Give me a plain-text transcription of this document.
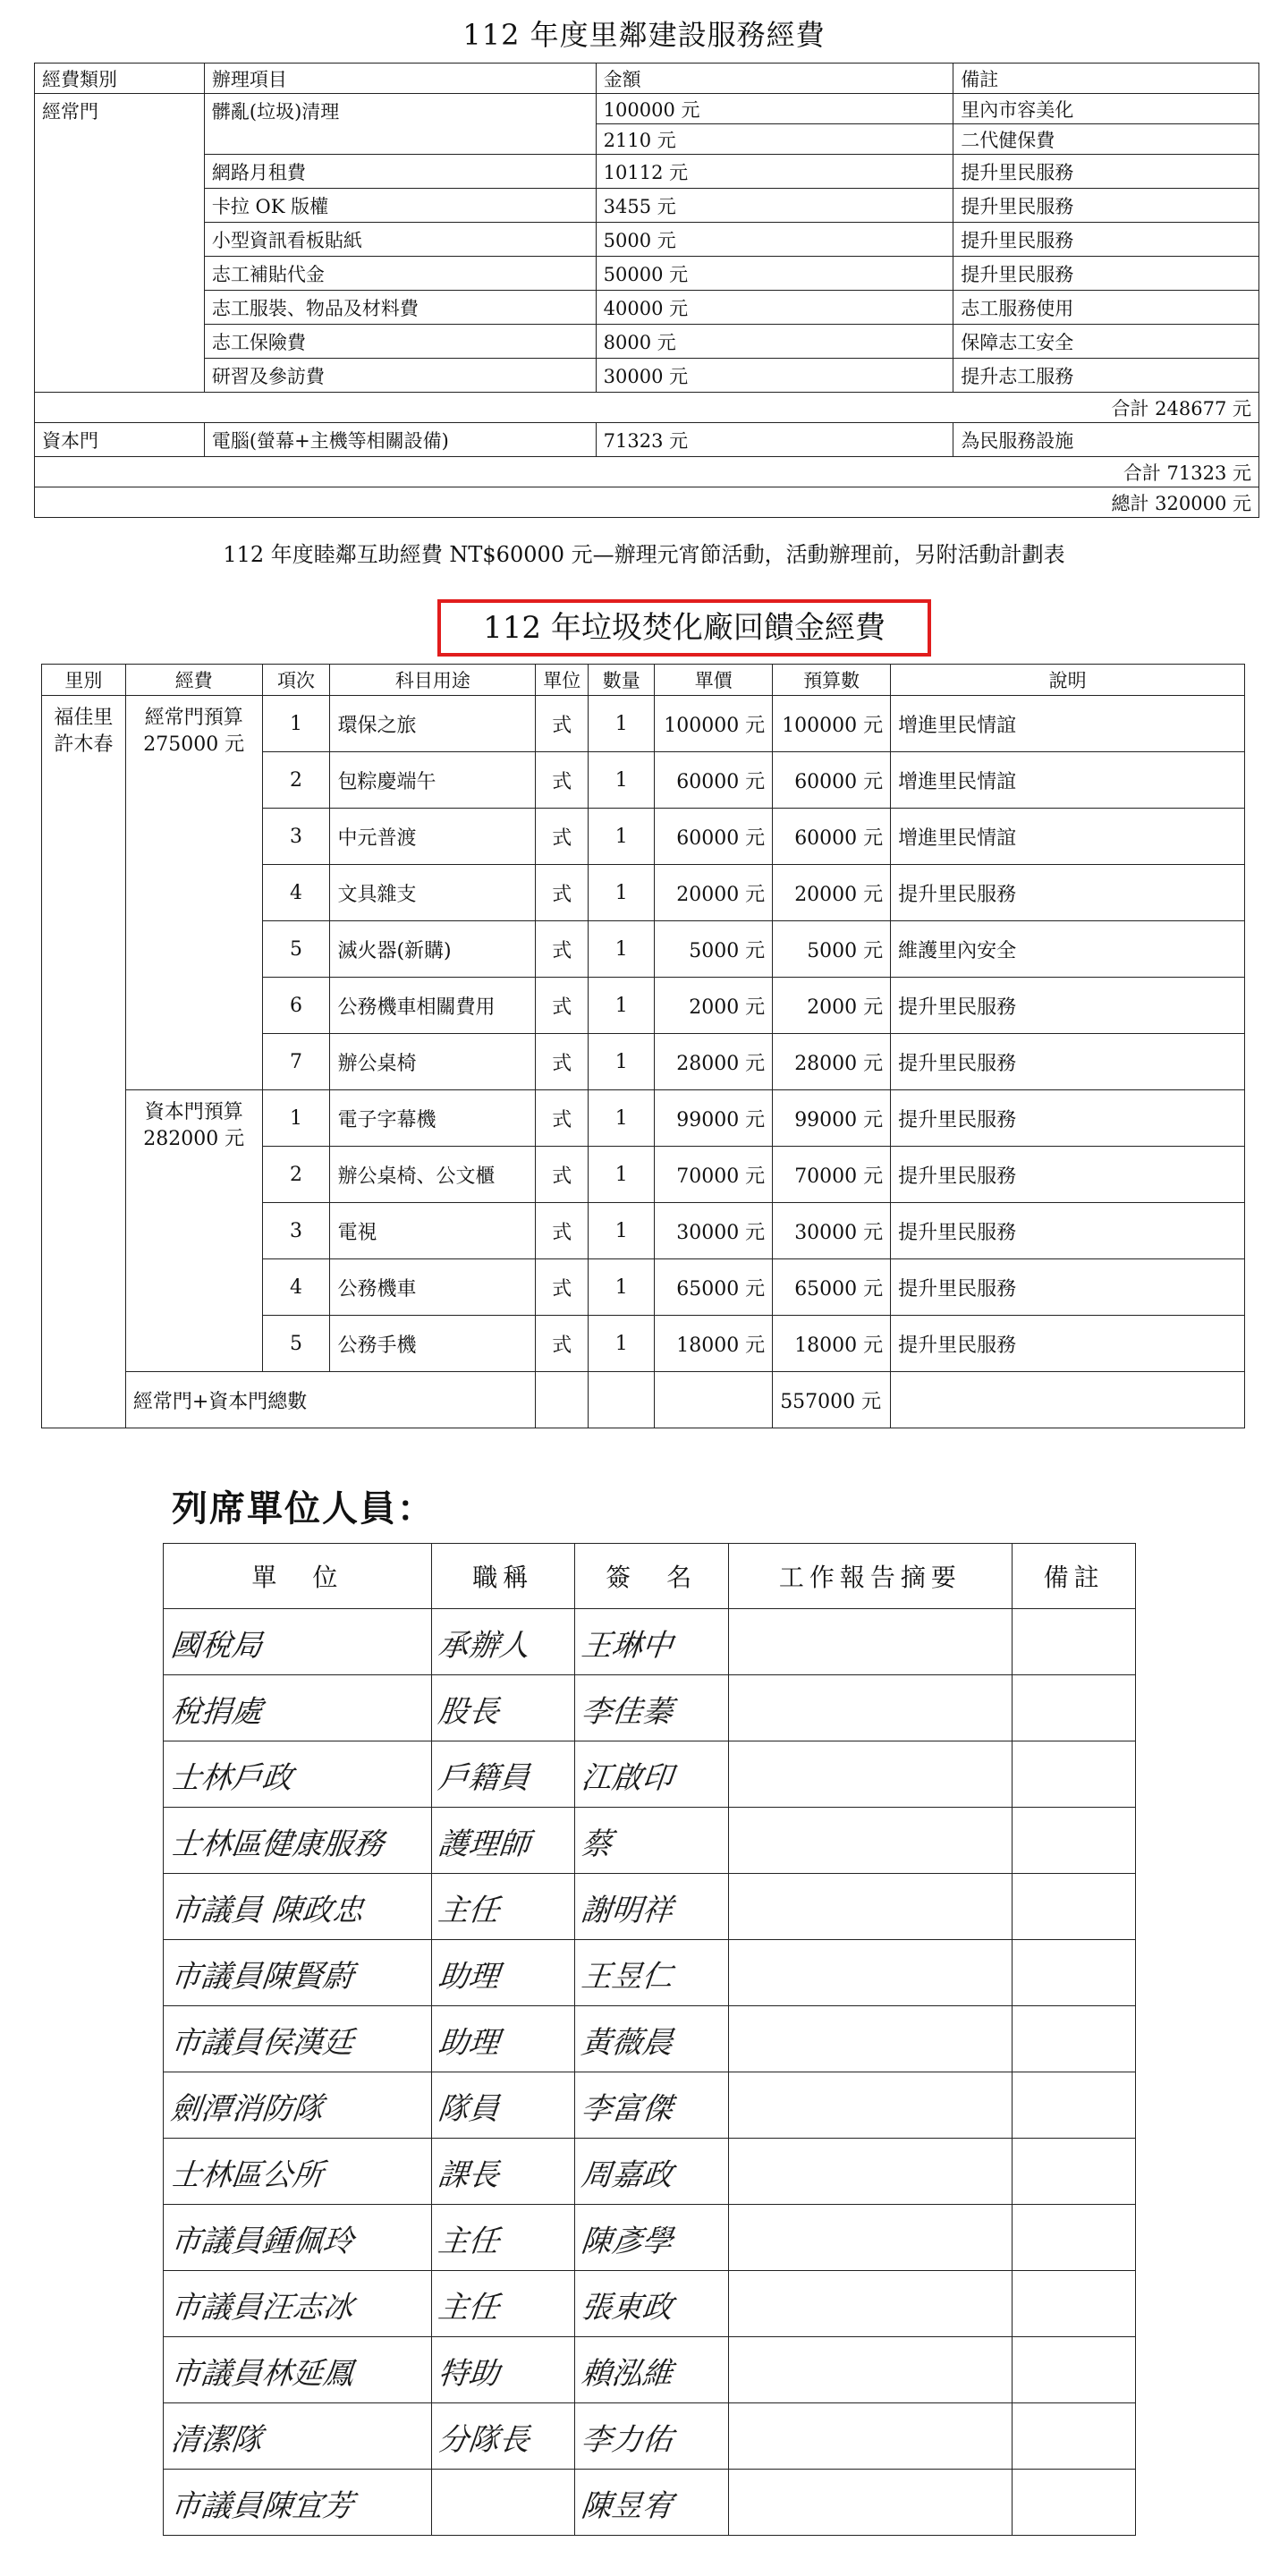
112 年度里鄰建設服務經費
經費類別	辦理項目	金額	備註
經常門	髒亂(垃圾)清理	100000 元	里內市容美化
		2110 元	二代健保費
	網路月租費	10112 元	提升里民服務
	卡拉 OK 版權	3455 元	提升里民服務
	小型資訊看板貼紙	5000 元	提升里民服務
	志工補貼代金	50000 元	提升里民服務
	志工服裝、物品及材料費	40000 元	志工服務使用
	志工保險費	8000 元	保障志工安全
	研習及參訪費	30000 元	提升志工服務
合計 248677 元			
資本門	電腦(螢幕+主機等相關設備)	71323 元	為民服務設施
合計 71323 元			
總計 320000 元			
112 年度睦鄰互助經費 NT$60000 元—辦理元宵節活動，活動辦理前，另附活動計劃表
112 年垃圾焚化廠回饋金經費
里別	經費	項次	科目用途	單位	數量	單價	預算數	說明
福佳里 許木春	經常門預算 275000 元	1	環保之旅	式	1	100000 元	100000 元	增進里民情誼
		2	包粽慶端午	式	1	60000 元	60000 元	增進里民情誼
		3	中元普渡	式	1	60000 元	60000 元	增進里民情誼
		4	文具雜支	式	1	20000 元	20000 元	提升里民服務
		5	滅火器(新購)	式	1	5000 元	5000 元	維護里內安全
		6	公務機車相關費用	式	1	2000 元	2000 元	提升里民服務
		7	辦公桌椅	式	1	28000 元	28000 元	提升里民服務
	資本門預算 282000 元	1	電子字幕機	式	1	99000 元	99000 元	提升里民服務
		2	辦公桌椅、公文櫃	式	1	70000 元	70000 元	提升里民服務
		3	電視	式	1	30000 元	30000 元	提升里民服務
		4	公務機車	式	1	65000 元	65000 元	提升里民服務
		5	公務手機	式	1	18000 元	18000 元	提升里民服務
	經常門+資本門總數						557000 元	
列席單位人員：
單　位	職稱	簽　名	工作報告摘要	備註
國稅局	承辦人	王琳中		
稅捐處	股長	李佳蓁		
士林戶政	戶籍員	江啟印		
士林區健康服務	護理師	蔡		
市議員 陳政忠	主任	謝明祥		
市議員陳賢蔚	助理	王昱仁		
市議員侯漢廷	助理	黃薇晨		
劍潭消防隊	隊員	李富傑		
士林區公所	課長	周嘉政		
市議員鍾佩玲	主任	陳彥學		
市議員汪志冰	主任	張東政		
市議員林延鳳	特助	賴泓維		
清潔隊	分隊長	李力佑		
市議員陳宜芳		陳昱宥		
